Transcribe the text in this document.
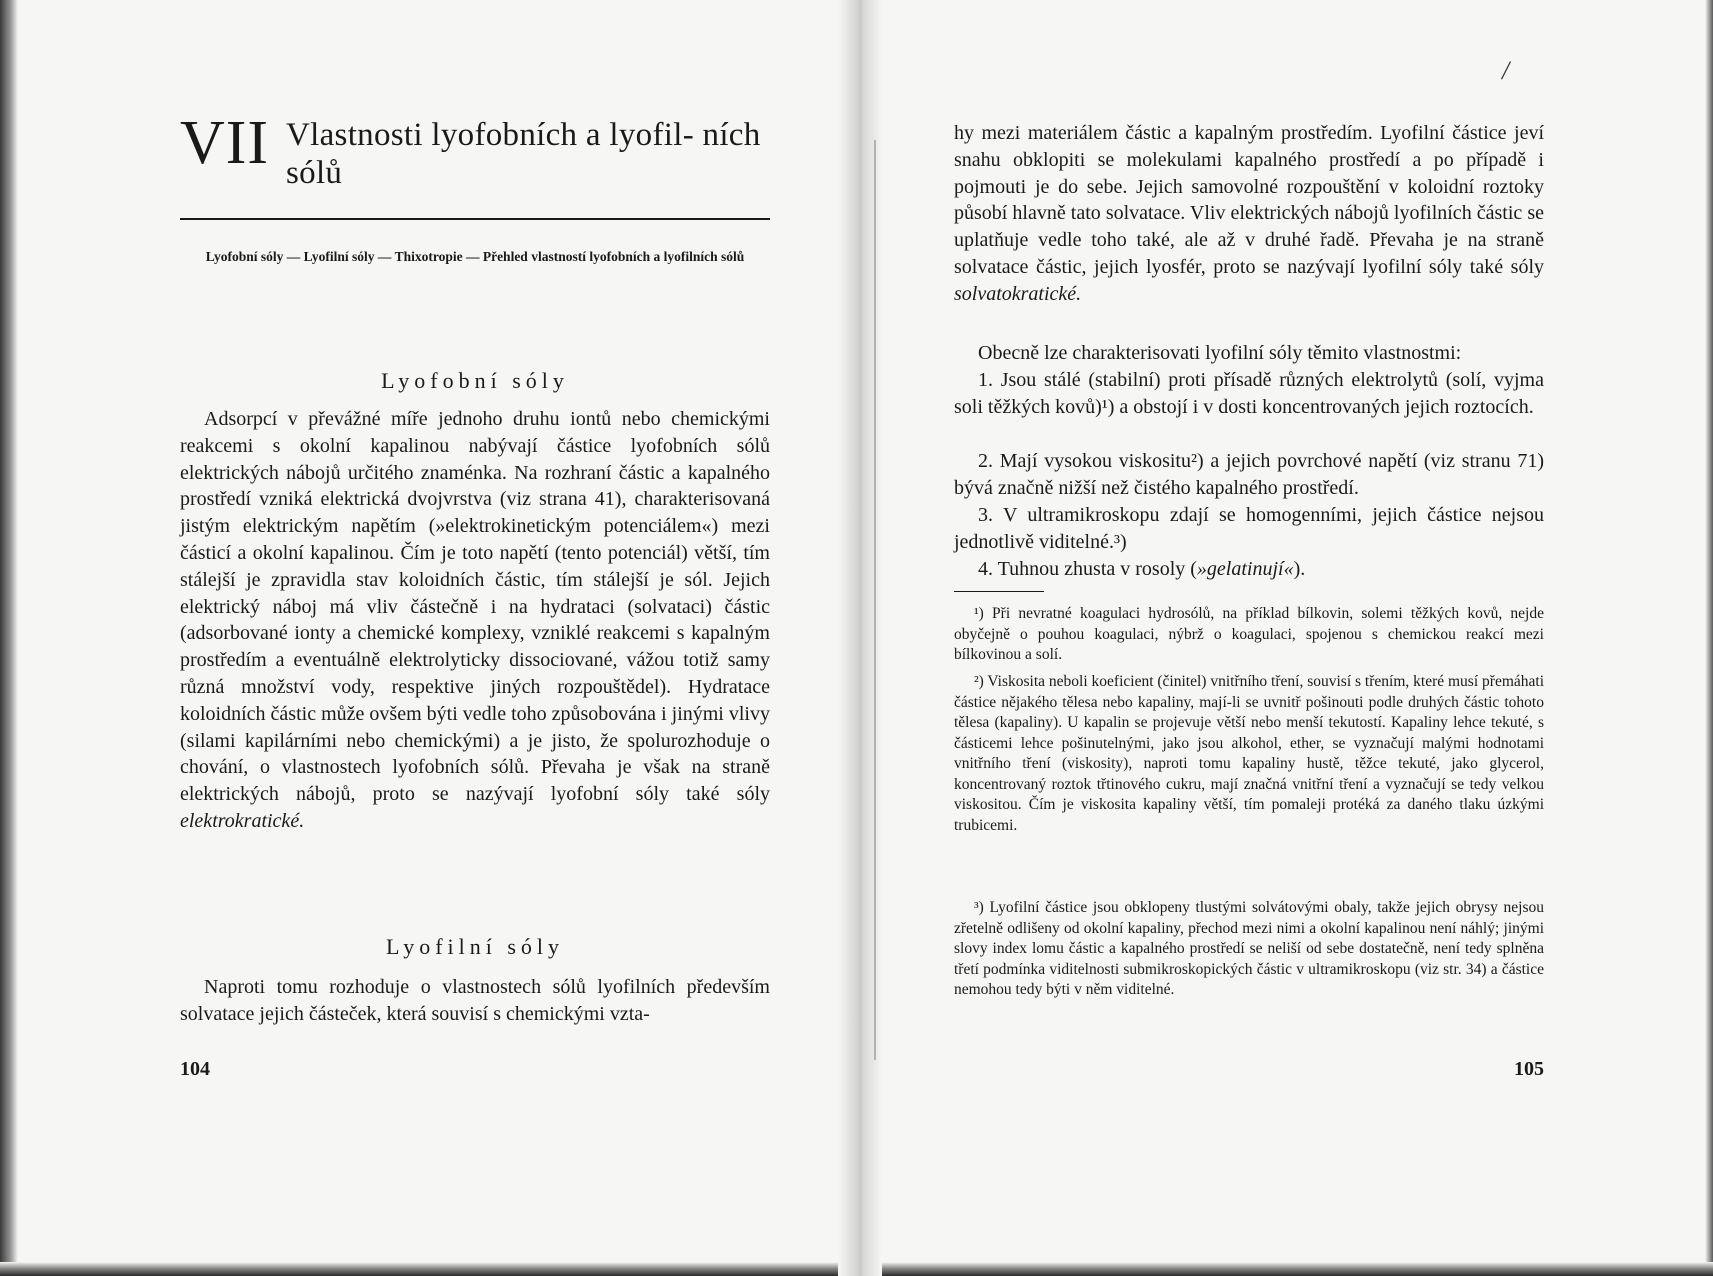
VII Vlastnosti lyofobních a lyofil- ních sólů
Lyofobní sóly — Lyofilní sóly — Thixotropie — Přehled vlastností lyofobních a lyofilních sólů
Lyofobní sóly

Adsorpcí v převážné míře jednoho druhu iontů nebo chemickými reakcemi s okolní kapalinou nabývají částice lyofobních sólů elektrických nábojů určitého znaménka. Na rozhraní částic a kapalného prostředí vzniká elektrická dvojvrstva (viz strana 41), charakterisovaná jistým elektrickým napětím (»elektrokinetickým potenciálem«) mezi částicí a okolní kapalinou. Čím je toto napětí (tento potenciál) větší, tím stálejší je zpravidla stav koloidních částic, tím stálejší je sól. Jejich elektrický náboj má vliv částečně i na hydrataci (solvataci) částic (adsorbované ionty a chemické komplexy, vzniklé reakcemi s kapalným prostředím a eventuálně elektrolyticky dissociované, vážou totiž samy různá množství vody, respektive jiných rozpouštědel). Hydratace koloidních částic může ovšem býti vedle toho způsobována i jinými vlivy (silami kapilárními nebo chemickými) a je jisto, že spolurozhoduje o chování, o vlastnostech lyofobních sólů. Převaha je však na straně elektrických nábojů, proto se nazývají lyofobní sóly také sóly elektrokratické.

Lyofilní sóly

Naproti tomu rozhoduje o vlastnostech sólů lyofilních především solvatace jejich částeček, která souvisí s chemickými vzta-

104
/

hy mezi materiálem částic a kapalným prostředím. Lyofilní částice jeví snahu obklopiti se molekulami kapalného prostředí a po případě i pojmouti je do sebe. Jejich samovolné rozpouštění v koloidní roztoky působí hlavně tato solvatace. Vliv elektrických nábojů lyofilních částic se uplatňuje vedle toho také, ale až v druhé řadě. Převaha je na straně solvatace částic, jejich lyosfér, proto se nazývají lyofilní sóly také sóly solvatokratické.

Obecně lze charakterisovati lyofilní sóly těmito vlastnostmi:

1. Jsou stálé (stabilní) proti přísadě různých elektrolytů (solí, vyjma soli těžkých kovů)¹) a obstojí i v dosti koncentrovaných jejich roztocích.

2. Mají vysokou viskositu²) a jejich povrchové napětí (viz stranu 71) bývá značně nižší než čistého kapalného prostředí.

3. V ultramikroskopu zdají se homogenními, jejich částice nejsou jednotlivě viditelné.³)

4. Tuhnou zhusta v rosoly (»gelatinují«).

¹) Při nevratné koagulaci hydrosólů, na příklad bílkovin, solemi těžkých kovů, nejde obyčejně o pouhou koagulaci, nýbrž o koagulaci, spojenou s chemickou reakcí mezi bílkovinou a solí.

²) Viskosita neboli koeficient (činitel) vnitřního tření, souvisí s třením, které musí přemáhati částice nějakého tělesa nebo kapaliny, mají-li se uvnitř pošinouti podle druhých částic tohoto tělesa (kapaliny). U kapalin se projevuje větší nebo menší tekutostí. Kapaliny lehce tekuté, s částicemi lehce pošinutelnými, jako jsou alkohol, ether, se vyznačují malými hodnotami vnitřního tření (viskosity), naproti tomu kapaliny hustě, těžce tekuté, jako glycerol, koncentrovaný roztok třtinového cukru, mají značná vnitřní tření a vyznačují se tedy velkou viskositou. Čím je viskosita kapaliny větší, tím pomaleji protéká za daného tlaku úzkými trubicemi.

³) Lyofilní částice jsou obklopeny tlustými solvátovými obaly, takže jejich obrysy nejsou zřetelně odlišeny od okolní kapaliny, přechod mezi nimi a okolní kapalinou není náhlý; jinými slovy index lomu částic a kapalného prostředí se neliší od sebe dostatečně, není tedy splněna třetí podmínka viditelnosti submikroskopických částic v ultramikroskopu (viz str. 34) a částice nemohou tedy býti v něm viditelné.

105
